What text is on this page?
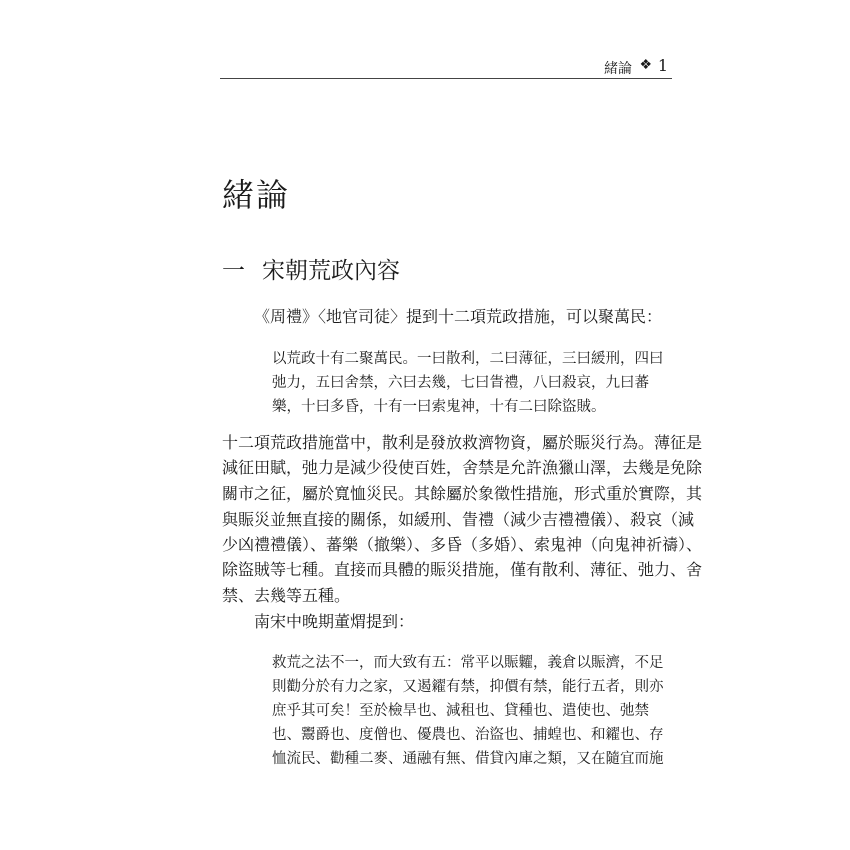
緒論 ❖ 1
緒論
一 宋朝荒政內容
《周禮》〈地官司徒〉提到十二項荒政措施，可以聚萬民：
以荒政十有二聚萬民。一曰散利，二曰薄征，三曰緩刑，四曰
弛力，五曰舍禁，六曰去幾，七曰眚禮，八曰殺哀，九曰蕃
樂，十曰多昏，十有一曰索鬼神，十有二曰除盜賊。
十二項荒政措施當中，散利是發放救濟物資，屬於賑災行為。薄征是
減征田賦，弛力是減少役使百姓，舍禁是允許漁獵山澤，去幾是免除
關市之征，屬於寬恤災民。其餘屬於象徵性措施，形式重於實際，其
與賑災並無直接的關係，如緩刑、眚禮（減少吉禮禮儀）、殺哀（減
少凶禮禮儀）、蕃樂（撤樂）、多昏（多婚）、索鬼神（向鬼神祈禱）、
除盜賊等七種。直接而具體的賑災措施，僅有散利、薄征、弛力、舍
禁、去幾等五種。
南宋中晚期董煟提到：
救荒之法不一，而大致有五：常平以賑糶，義倉以賑濟，不足
則勸分於有力之家，又遏糴有禁，抑價有禁，能行五者，則亦
庶乎其可矣！至於檢旱也、減租也、貸種也、遣使也、弛禁
也、鬻爵也、度僧也、優農也、治盜也、捕蝗也、和糴也、存
恤流民、勸種二麥、通融有無、借貸內庫之類，又在隨宜而施
